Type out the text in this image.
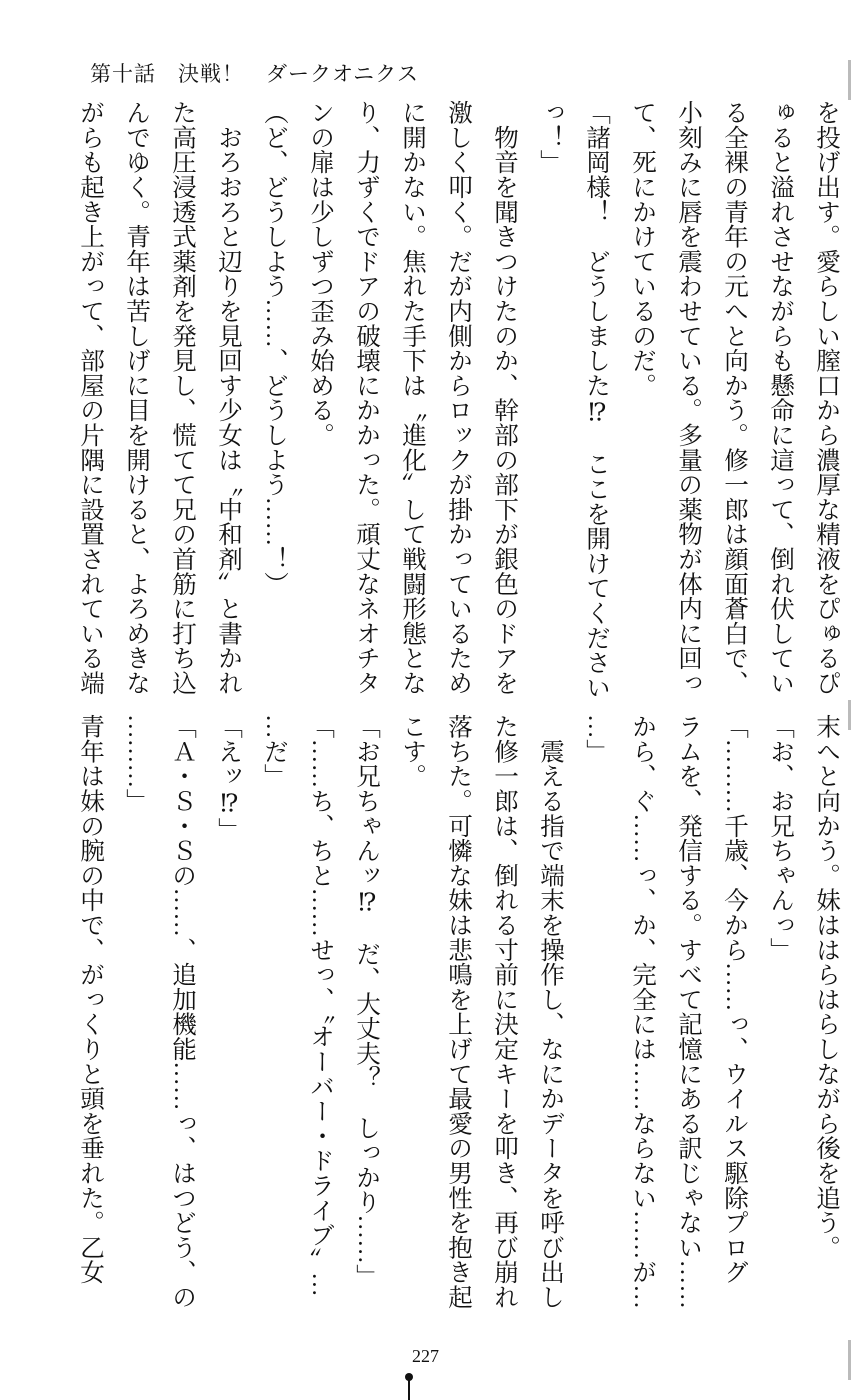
第十話　決戦！　ダークオニクス
を投げ出す。愛らしい膣口から濃厚な精液をぴゅるぴ
ゅると溢れさせながらも懸命に這って、倒れ伏してい
る全裸の青年の元へと向かう。修一郎は顔面蒼白で、
小刻みに唇を震わせている。多量の薬物が体内に回っ
て、死にかけているのだ。
「諸岡様！　どうしました⁉　ここを開けてください
っ！」
　物音を聞きつけたのか、幹部の部下が銀色のドアを
激しく叩く。だが内側からロックが掛かっているため
に開かない。焦れた手下は〝進化〟して戦闘形態とな
り、力ずくでドアの破壊にかかった。頑丈なネオチタ
ンの扉は少しずつ歪み始める。
（ど、どうしよう……、どうしよう……！）
　おろおろと辺りを見回す少女は〝中和剤〟と書かれ
た高圧浸透式薬剤を発見し、慌てて兄の首筋に打ち込
んでゆく。青年は苦しげに目を開けると、よろめきな
がらも起き上がって、部屋の片隅に設置されている端
末へと向かう。妹ははらはらしながら後を追う。
「お、お兄ちゃんっ」
「………千歳、今から……っ、ウイルス駆除プログ
ラムを、発信する。すべて記憶にある訳じゃない……
から、ぐ……っ、か、完全には……ならない……が…
…」
　震える指で端末を操作し、なにかデータを呼び出し
た修一郎は、倒れる寸前に決定キーを叩き、再び崩れ
落ちた。可憐な妹は悲鳴を上げて最愛の男性を抱き起
こす。
「お兄ちゃんッ⁉　だ、大丈夫？　しっかり……」
「……ち、ちと……せっ、〝オーバー・ドライブ〟…
…だ」
「えッ⁉」
「Ａ・Ｓ・Ｓの……、追加機能……っ、はつどう、の
………」
青年は妹の腕の中で、がっくりと頭を垂れた。乙女
227
